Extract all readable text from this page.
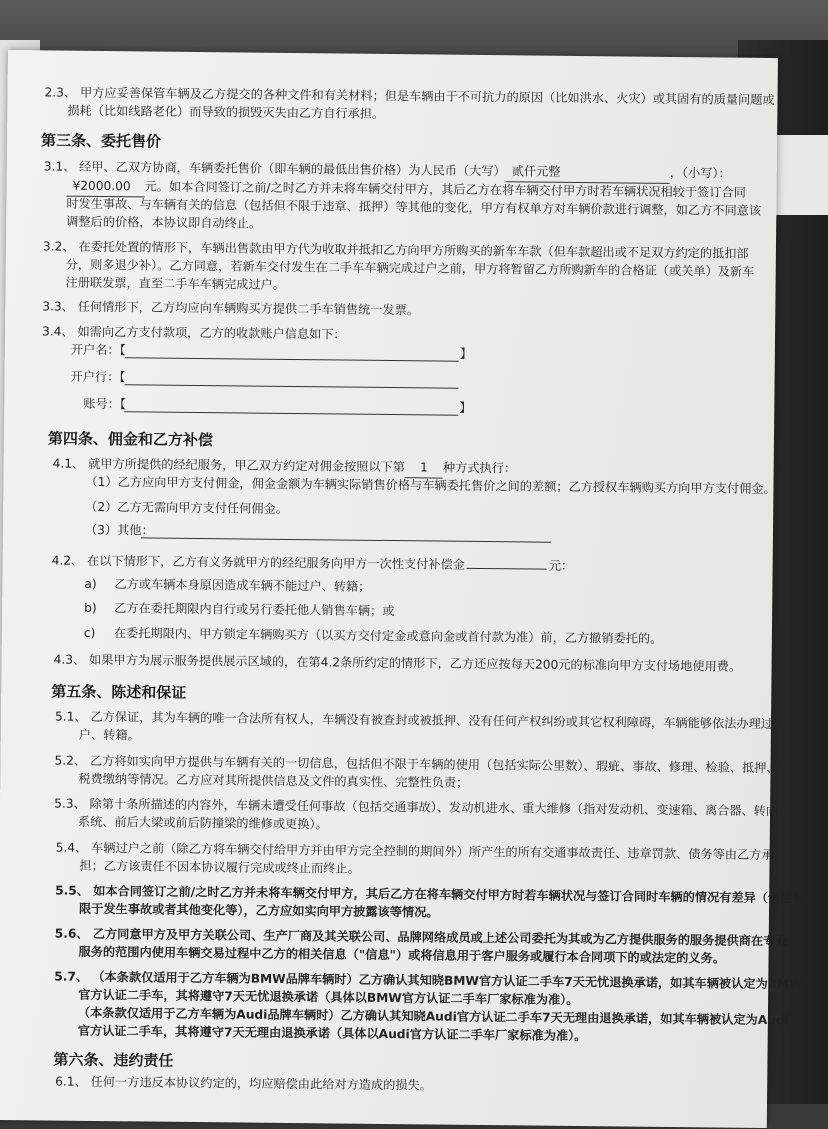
2.3、 甲方应妥善保管车辆及乙方提交的各种文件和有关材料；但是车辆由于不可抗力的原因（比如洪水、火灾）或其固有的质量问题或
损耗（比如线路老化）而导致的损毁灭失由乙方自行承担。
第三条、委托售价
3.1、 经甲、乙双方协商，车辆委托售价（即车辆的最低出售价格）为人民币（大写） 贰仟元整	，（小写）：
¥2000.00 元。如本合同签订之前/之时乙方并未将车辆交付甲方，其后乙方在将车辆交付甲方时若车辆状况相较于签订合同
时发生事故、与车辆有关的信息（包括但不限于违章、抵押）等其他的变化，甲方有权单方对车辆价款进行调整，如乙方不同意该
调整后的价格，本协议即自动终止。
3.2、 在委托处置的情形下，车辆出售款由甲方代为收取并抵扣乙方向甲方所购买的新车车款（但车款超出或不足双方约定的抵扣部
分，则多退少补）。乙方同意，若新车交付发生在二手车车辆完成过户之前，甲方将暂留乙方所购新车的合格证（或关单）及新车
注册联发票，直至二手车车辆完成过户。
3.3、 任何情形下，乙方均应向车辆购买方提供二手车销售统一发票。
3.4、 如需向乙方支付款项，乙方的收款账户信息如下：
开户名：【	】
开户行：【
账号：【	】
第四条、佣金和乙方补偿
4.1、 就甲方所提供的经纪服务，甲乙双方约定对佣金按照以下第 1 种方式执行：
（1）乙方应向甲方支付佣金，佣金金额为车辆实际销售价格与车辆委托售价之间的差额；乙方授权车辆购买方向甲方支付佣金。
（2）乙方无需向甲方支付任何佣金。
（3）其他：
4.2、 在以下情形下，乙方有义务就甲方的经纪服务向甲方一次性支付补偿金	元：
a) 乙方或车辆本身原因造成车辆不能过户、转籍；
b) 乙方在委托期限内自行或另行委托他人销售车辆；或
c) 在委托期限内、甲方锁定车辆购买方（以买方交付定金或意向金或首付款为准）前，乙方撤销委托的。
4.3、 如果甲方为展示服务提供展示区域的，在第4.2条所约定的情形下，乙方还应按每天200元的标准向甲方支付场地使用费。
第五条、陈述和保证
5.1、 乙方保证，其为车辆的唯一合法所有权人，车辆没有被查封或被抵押、没有任何产权纠纷或其它权利障碍，车辆能够依法办理过
户、转籍。
5.2、 乙方将如实向甲方提供与车辆有关的一切信息，包括但不限于车辆的使用（包括实际公里数）、瑕疵、事故、修理、检验、抵押、
税费缴纳等情况。乙方应对其所提供信息及文件的真实性、完整性负责；
5.3、 除第十条所描述的内容外，车辆未遭受任何事故（包括交通事故）、发动机进水、重大维修（指对发动机、变速箱、离合器、转向
系统、前后大梁或前后防撞梁的维修或更换）。
5.4、 车辆过户之前（除乙方将车辆交付给甲方并由甲方完全控制的期间外）所产生的所有交通事故责任、违章罚款、债务等由乙方承
担；乙方该责任不因本协议履行完成或终止而终止。
5.5、 如本合同签订之前/之时乙方并未将车辆交付甲方，其后乙方在将车辆交付甲方时若车辆状况与签订合同时车辆的情况有差异（包括但不
限于发生事故或者其他变化等），乙方应如实向甲方披露该等情况。
5.6、 乙方同意甲方及甲方关联公司、生产厂商及其关联公司、品牌网络成员或上述公司委托为其或为乙方提供服务的服务提供商在专业
服务的范围内使用车辆交易过程中乙方的相关信息（"信息"）或将信息用于客户服务或履行本合同项下的或法定的义务。
5.7、 （本条款仅适用于乙方车辆为BMW品牌车辆时）乙方确认其知晓BMW官方认证二手车7天无忧退换承诺，如其车辆被认定为BMW
官方认证二手车，其将遵守7天无忧退换承诺（具体以BMW官方认证二手车厂家标准为准）。
（本条款仅适用于乙方车辆为Audi品牌车辆时）乙方确认其知晓Audi官方认证二手车7天无理由退换承诺，如其车辆被认定为Audi
官方认证二手车，其将遵守7天无理由退换承诺（具体以Audi官方认证二手车厂家标准为准）。
第六条、违约责任
6.1、 任何一方违反本协议约定的，均应赔偿由此给对方造成的损失。
